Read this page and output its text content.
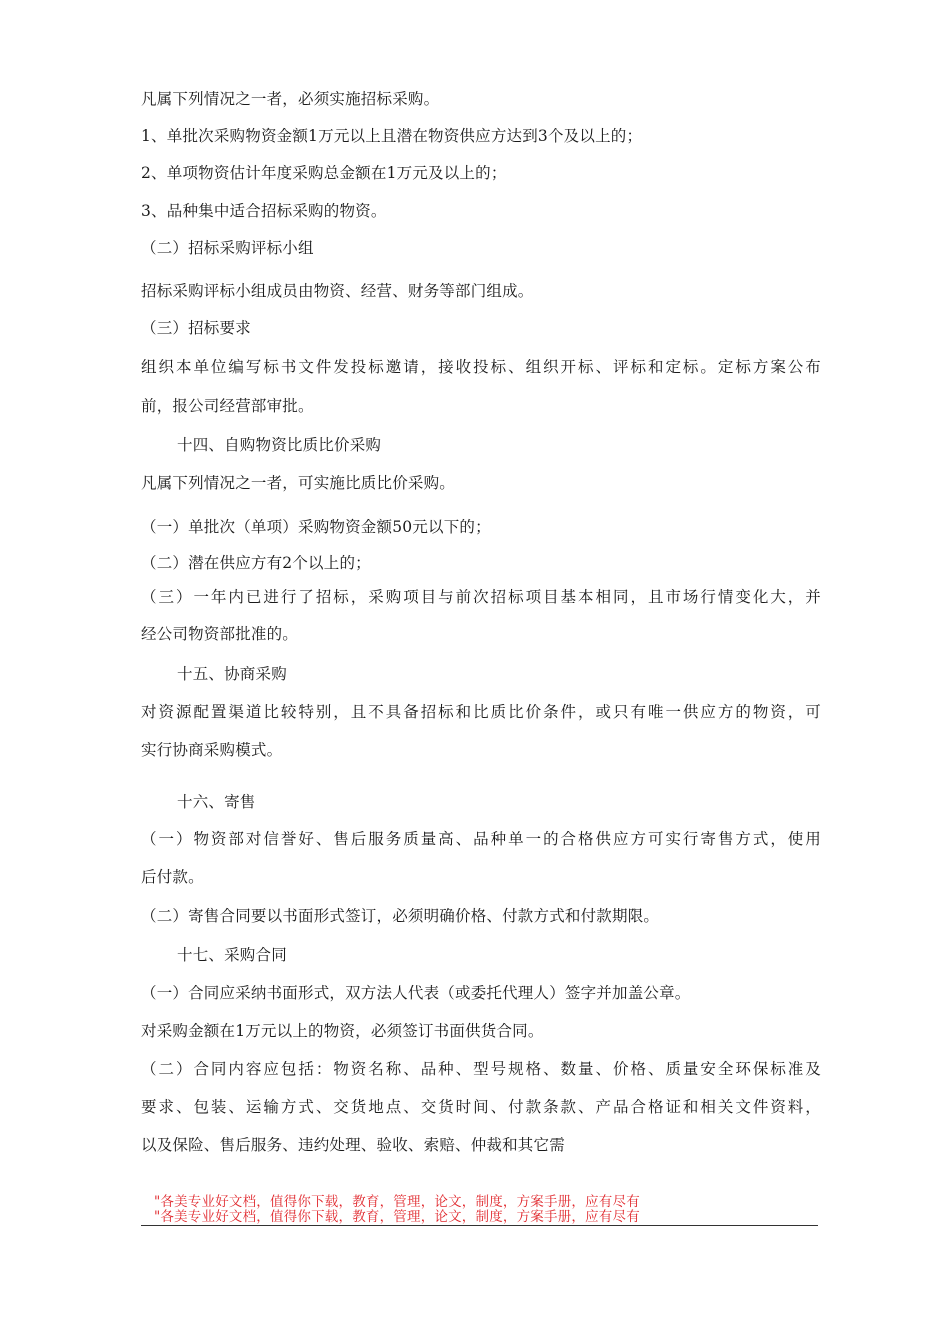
凡属下列情况之一者，必须实施招标采购。
1、单批次采购物资金额1万元以上且潜在物资供应方达到3个及以上的；
2、单项物资估计年度采购总金额在1万元及以上的；
3、品种集中适合招标采购的物资。
（二）招标采购评标小组
招标采购评标小组成员由物资、经营、财务等部门组成。
（三）招标要求
组织本单位编写标书文件发投标邀请，接收投标、组织开标、评标和定标。定标方案公布
前，报公司经营部审批。
十四、自购物资比质比价采购
凡属下列情况之一者，可实施比质比价采购。
（一）单批次（单项）采购物资金额50元以下的；
（二）潜在供应方有2个以上的；
（三）一年内已进行了招标，采购项目与前次招标项目基本相同，且市场行情变化大，并
经公司物资部批准的。
十五、协商采购
对资源配置渠道比较特别，且不具备招标和比质比价条件，或只有唯一供应方的物资，可
实行协商采购模式。
十六、寄售
（一）物资部对信誉好、售后服务质量高、品种单一的合格供应方可实行寄售方式，使用
后付款。
（二）寄售合同要以书面形式签订，必须明确价格、付款方式和付款期限。
十七、采购合同
（一）合同应采纳书面形式，双方法人代表（或委托代理人）签字并加盖公章。
对采购金额在1万元以上的物资，必须签订书面供货合同。
（二）合同内容应包括：物资名称、品种、型号规格、数量、价格、质量安全环保标准及
要求、包装、运输方式、交货地点、交货时间、付款条款、产品合格证和相关文件资料，
以及保险、售后服务、违约处理、验收、索赔、仲裁和其它需
"各美专业好文档，值得你下载，教育，管理，论文，制度，方案手册，应有尽有
"各美专业好文档，值得你下载，教育，管理，论文，制度，方案手册，应有尽有
